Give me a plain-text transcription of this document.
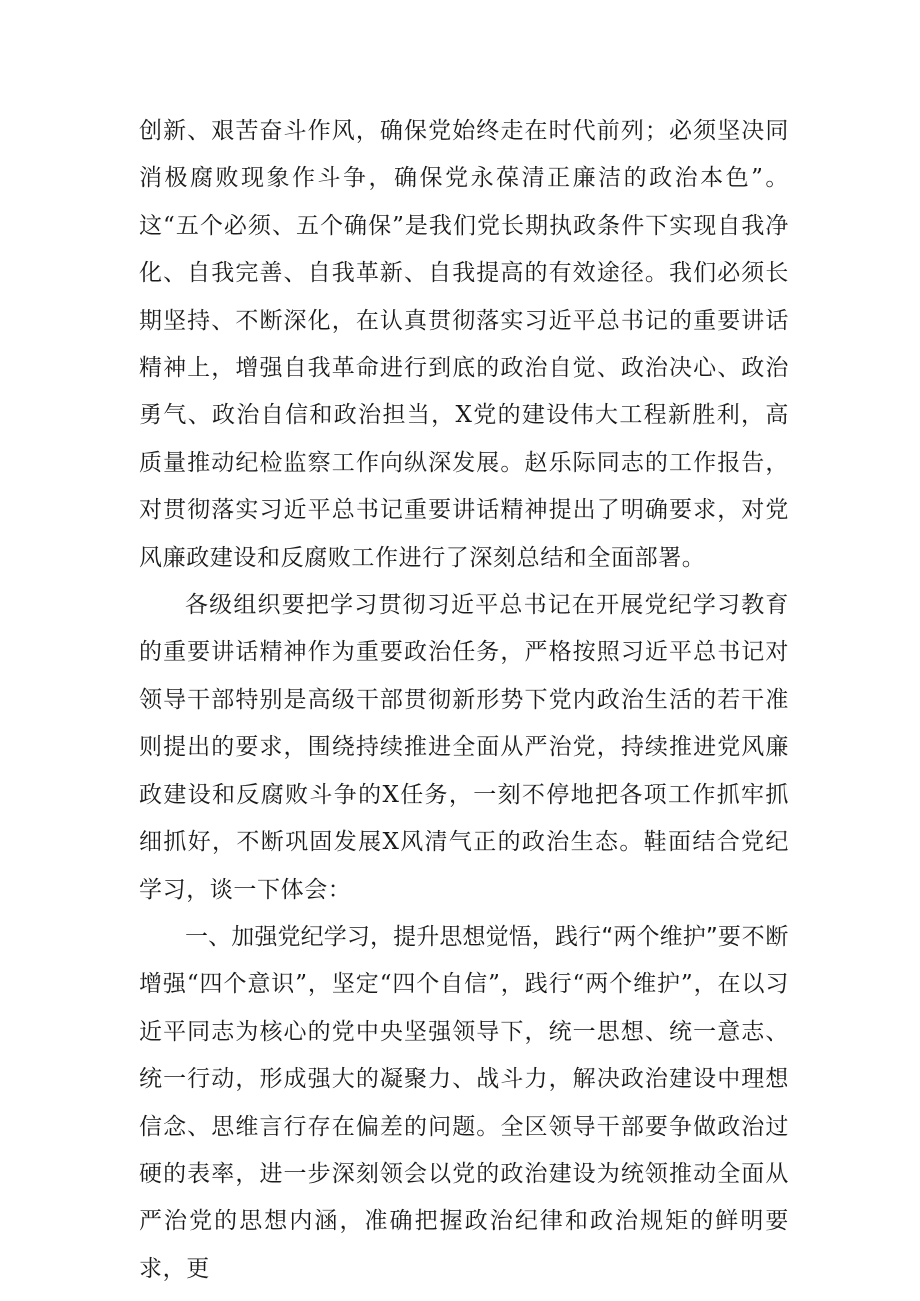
创新、艰苦奋斗作风，确保党始终走在时代前列；必须坚决同消极腐败现象作斗争，确保党永葆清正廉洁的政治本色”。这“五个必须、五个确保”是我们党长期执政条件下实现自我净化、自我完善、自我革新、自我提高的有效途径。我们必须长期坚持、不断深化，在认真贯彻落实习近平总书记的重要讲话精神上，增强自我革命进行到底的政治自觉、政治决心、政治勇气、政治自信和政治担当，X党的建设伟大工程新胜利，高质量推动纪检监察工作向纵深发展。赵乐际同志的工作报告，对贯彻落实习近平总书记重要讲话精神提出了明确要求，对党风廉政建设和反腐败工作进行了深刻总结和全面部署。

各级组织要把学习贯彻习近平总书记在开展党纪学习教育的重要讲话精神作为重要政治任务，严格按照习近平总书记对领导干部特别是高级干部贯彻新形势下党内政治生活的若干准则提出的要求，围绕持续推进全面从严治党，持续推进党风廉政建设和反腐败斗争的X任务，一刻不停地把各项工作抓牢抓细抓好，不断巩固发展X风清气正的政治生态。鞋面结合党纪学习，谈一下体会：

一、加强党纪学习，提升思想觉悟，践行“两个维护”要不断增强“四个意识”，坚定“四个自信”，践行“两个维护”，在以习近平同志为核心的党中央坚强领导下，统一思想、统一意志、统一行动，形成强大的凝聚力、战斗力，解决政治建设中理想信念、思维言行存在偏差的问题。全区领导干部要争做政治过硬的表率，进一步深刻领会以党的政治建设为统领推动全面从严治党的思想内涵，准确把握政治纪律和政治规矩的鲜明要求，更
